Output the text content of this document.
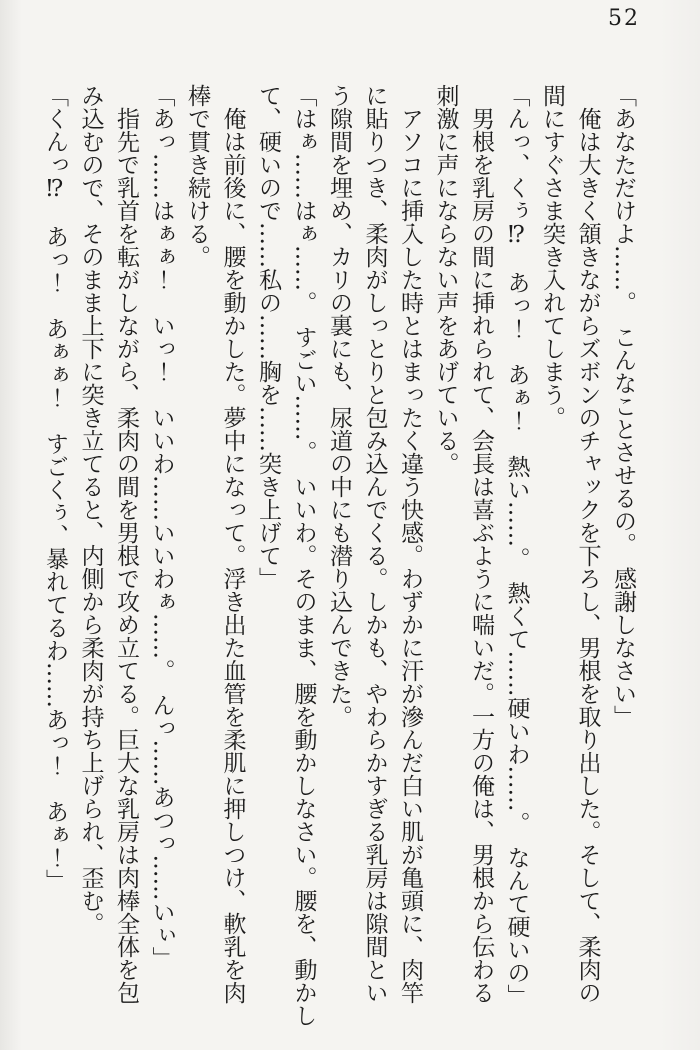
52

「あなただけよ……。　こんなことさせるの。　感謝しなさい」

　俺は大きく頷きながらズボンのチャックを下ろし、男根を取り出した。そして、柔肉の

間にすぐさま突き入れてしまう。

「んっ、くぅ⁉　あっ！　あぁ！　熱い……。　熱くて……硬いわ……。　なんて硬いの」

　男根を乳房の間に挿れられて、会長は喜ぶように喘いだ。一方の俺は、男根から伝わる

刺激に声にならない声をあげている。

　アソコに挿入した時とはまったく違う快感。わずかに汗が滲んだ白い肌が亀頭に、肉竿

に貼りつき、柔肉がしっとりと包み込んでくる。しかも、やわらかすぎる乳房は隙間とい

う隙間を埋め、カリの裏にも、尿道の中にも潜り込んできた。

「はぁ……はぁ……。　すごい……。　いいわ。そのまま、腰を動かしなさい。腰を、動かし

て、硬いので……私の……胸を……突き上げて」

　俺は前後に、腰を動かした。夢中になって。浮き出た血管を柔肌に押しつけ、軟乳を肉

棒で貫き続ける。

「あっ……はぁぁ！　いっ！　いいわ……いいわぁ……。　んっ……あつっ……いぃ」

　指先で乳首を転がしながら、柔肉の間を男根で攻め立てる。巨大な乳房は肉棒全体を包

み込むので、そのまま上下に突き立てると、内側から柔肉が持ち上げられ、歪む。

「くんっ⁉　あっ！　あぁぁ！　すごくぅ、暴れてるわ……あっ！　あぁ！」
